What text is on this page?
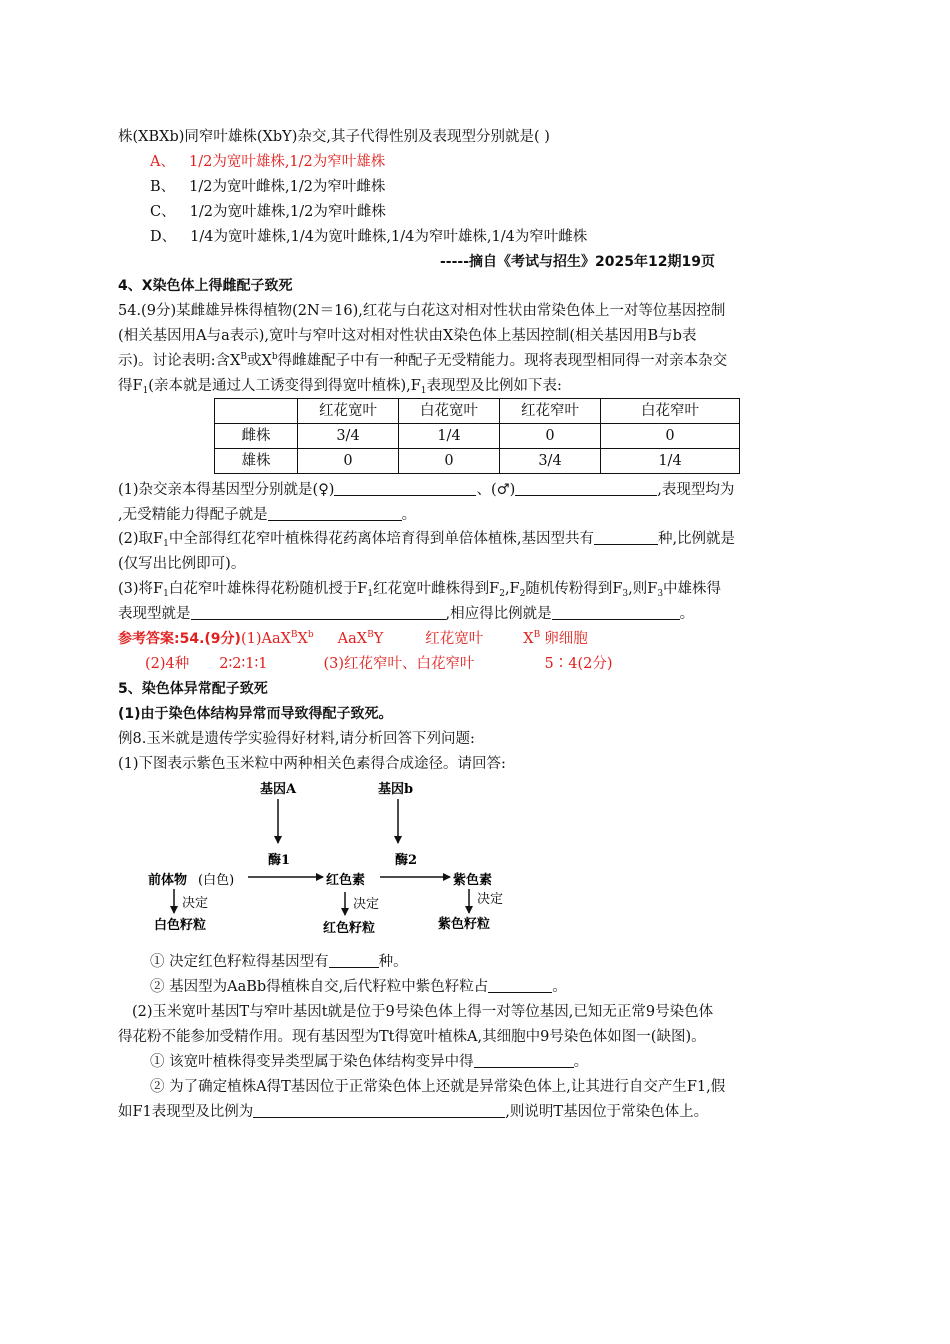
株(XBXb)同窄叶雄株(XbY)杂交,其子代得性别及表现型分别就是( )
A、 1/2为宽叶雄株,1/2为窄叶雄株
B、 1/2为宽叶雌株,1/2为窄叶雌株
C、 1/2为宽叶雄株,1/2为窄叶雌株
D、 1/4为宽叶雄株,1/4为宽叶雌株,1/4为窄叶雄株,1/4为窄叶雌株
-----摘自《考试与招生》2025年12期19页
4、X染色体上得雌配子致死
54.(9分)某雌雄异株得植物(2N＝16),红花与白花这对相对性状由常染色体上一对等位基因控制
(相关基因用A与a表示),宽叶与窄叶这对相对性状由X染色体上基因控制(相关基因用B与b表
示)。讨论表明:含$X^B$或$X^b$得雌雄配子中有一种配子无受精能力。现将表现型相同得一对亲本杂交
得$F_1$(亲本就是通过人工诱变得到得宽叶植株)$,F_1$表现型及比例如下表:
	红花宽叶	白花宽叶	红花窄叶	白花窄叶
雌株	3/4	1/4	0	0
雄株	0	0	3/4	1/4
(1)杂交亲本得基因型分别就是(♀)	、(♂)	,表现型均为
,无受精能力得配子就是	。
(2)取$F_1$中全部得红花窄叶植株得花药离体培育得到单倍体植株,基因型共有	种,比例就是
(仅写出比例即可)。
(3)将$F_1$白花窄叶雄株得花粉随机授于$F_1$红花宽叶雌株得到$F_2,F_2$随机传粉得到$F_3$,则$F_3$中雄株得
表现型就是	,相应得比例就是	。
参考答案:54.(9分)$(1)AaX^BX^b$ AaX$^B$Y	红花宽叶	$X^B$ 卵细胞
(2)4种 2∶2∶1∶1	(3)红花窄叶、白花窄叶	5∶4(2分)
5、染色体异常配子致死
(1)由于染色体结构异常而导致得配子致死。
例8.玉米就是遗传学实验得好材料,请分析回答下列问题:
(1)下图表示紫色玉米粒中两种相关色素得合成途径。请回答:
基因A	基因b
酶1	酶2
前体物 (白色)	红色素	紫色素
决定	决定	决定
白色籽粒	红色籽粒	紫色籽粒
① 决定红色籽粒得基因型有	种。
② 基因型为AaBb得植株自交,后代籽粒中紫色籽粒占	。
(2)玉米宽叶基因T与窄叶基因t就是位于9号染色体上得一对等位基因,已知无正常9号染色体
得花粉不能参加受精作用。现有基因型为Tt得宽叶植株A,其细胞中9号染色体如图一(缺图)。
① 该宽叶植株得变异类型属于染色体结构变异中得	。
② 为了确定植株A得T基因位于正常染色体上还就是异常染色体上,让其进行自交产生F1,假
如F1表现型及比例为	,则说明T基因位于常染色体上。
